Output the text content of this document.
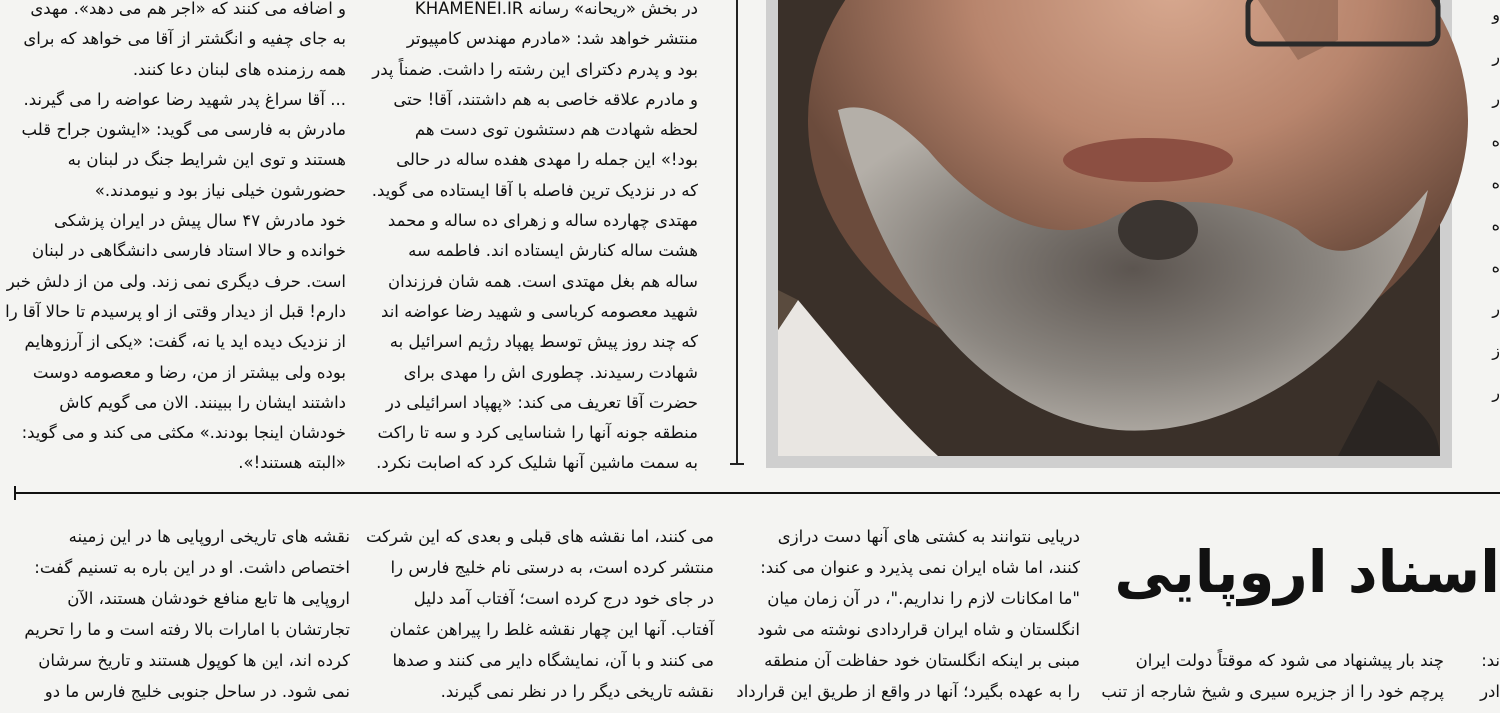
و اضافه می کنند که «اجر هم می دهد». مهدی
به جای چفیه و انگشتر از آقا می خواهد که برای
همه رزمنده های لبنان دعا کنند.
... آقا سراغ پدر شهید رضا عواضه را می گیرند.
مادرش به فارسی می گوید: «ایشون جراح قلب
هستند و توی این شرایط جنگ در لبنان به
حضورشون خیلی نیاز بود و نیومدند.»
خود مادرش ۴۷ سال پیش در ایران پزشکی
خوانده و حالا استاد فارسی دانشگاهی در لبنان
است. حرف دیگری نمی زند. ولی من از دلش خبر
دارم! قبل از دیدار وقتی از او پرسیدم تا حالا آقا را
از نزدیک دیده اید یا نه، گفت: «یکی از آرزوهایم
بوده ولی بیشتر از من، رضا و معصومه دوست
داشتند ایشان را ببینند. الان می گویم کاش
خودشان اینجا بودند.» مکثی می کند و می گوید:
«البته هستند!».
در بخش «ریحانه» رسانه KHAMENEI.IR
منتشر خواهد شد: «مادرم مهندس کامپیوتر
بود و پدرم دکترای این رشته را داشت. ضمناً پدر
و مادرم علاقه خاصی به هم داشتند، آقا! حتی
لحظه شهادت هم دستشون توی دست هم
بود!» این جمله را مهدی هفده ساله در حالی
که در نزدیک ترین فاصله با آقا ایستاده می گوید.
مهتدی چهارده ساله و زهرای ده ساله و محمد
هشت ساله کنارش ایستاده اند. فاطمه سه
ساله هم بغل مهتدی است. همه شان فرزندان
شهید معصومه کرباسی و شهید رضا عواضه اند
که چند روز پیش توسط پهپاد رژیم اسرائیل به
شهادت رسیدند. چطوری اش را مهدی برای
حضرت آقا تعریف می کند: «پهپاد اسرائیلی در
منطقه جونه آنها را شناسایی کرد و سه تا راکت
به سمت ماشین آنها شلیک کرد که اصابت نکرد.
و
ر
ر
ه
ه
ه
ه
ر
ز
ر
اسناد اروپایی
نقشه های تاریخی اروپایی ها در این زمینه
اختصاص داشت. او در این باره به تسنیم گفت:
اروپایی ها تابع منافع خودشان هستند، الآن
تجارتشان با امارات بالا رفته است و ما را تحریم
کرده اند، این ها کوپول هستند و تاریخ سرشان
نمی شود. در ساحل جنوبی خلیج فارس ما دو
می کنند، اما نقشه های قبلی و بعدی که این شرکت
منتشر کرده است، به درستی نام خلیج فارس را
در جای خود درج کرده است؛ آفتاب آمد دلیل
آفتاب. آنها این چهار نقشه غلط را پیراهن عثمان
می کنند و با آن، نمایشگاه دایر می کنند و صدها
نقشه تاریخی دیگر را در نظر نمی گیرند.
دریایی نتوانند به کشتی های آنها دست درازی
کنند، اما شاه ایران نمی پذیرد و عنوان می کند:
"ما امکانات لازم را نداریم."، در آن زمان میان
انگلستان و شاه ایران قراردادی نوشته می شود
مبنی بر اینکه انگلستان خود حفاظت آن منطقه
را به عهده بگیرد؛ آنها در واقع از طریق این قرارداد
چند بار پیشنهاد می شود که موقتاً دولت ایران
پرچم خود را از جزیره سیری و شیخ شارجه از تنب
ند:
ادر
